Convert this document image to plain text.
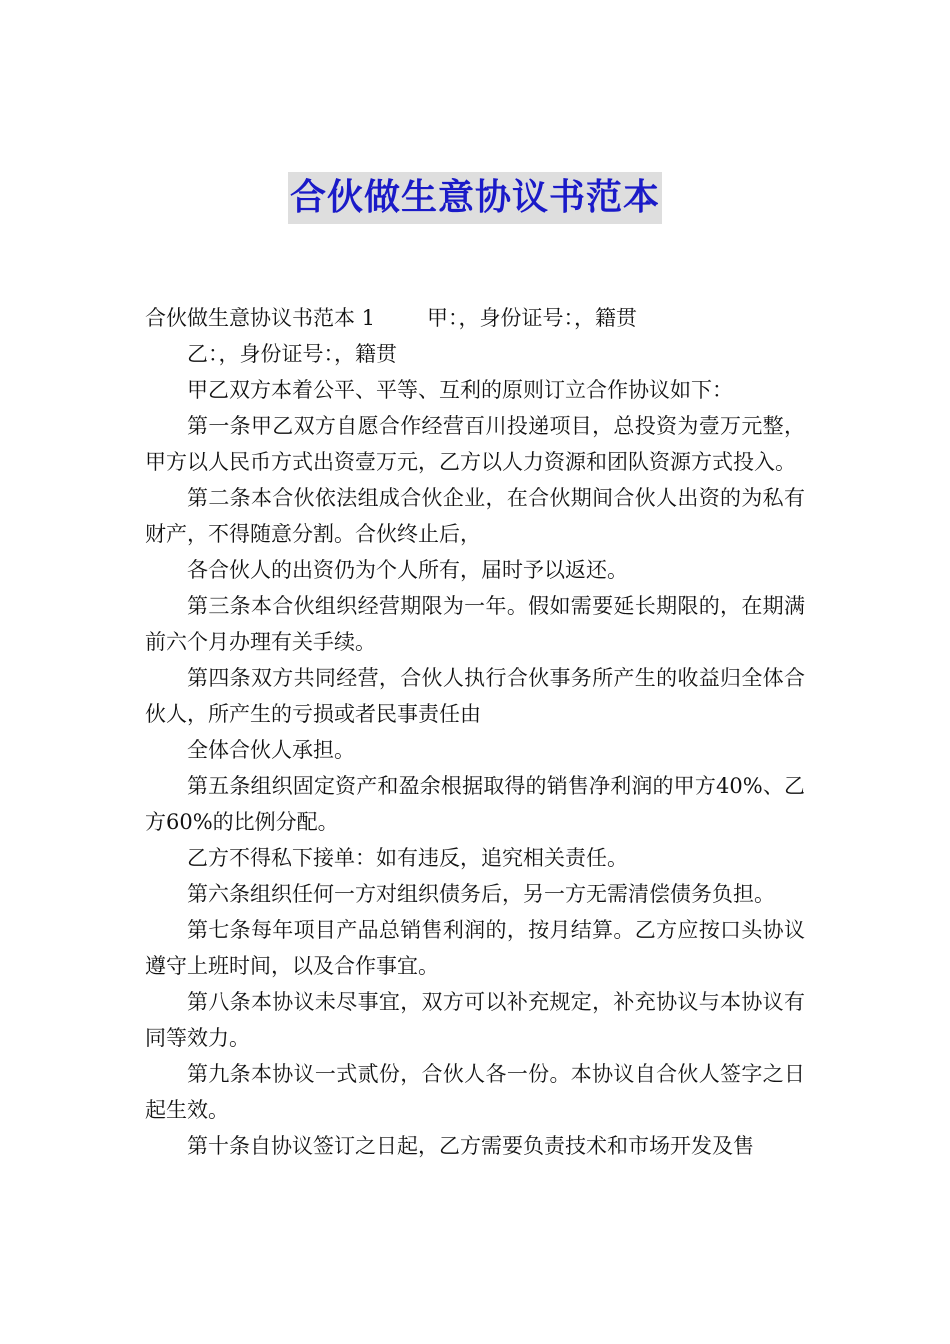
合伙做生意协议书范本

合伙做生意协议书范本 1 甲：，身份证号：，籍贯

乙：，身份证号：，籍贯

甲乙双方本着公平、平等、互利的原则订立合作协议如下：

第一条甲乙双方自愿合作经营百川投递项目，总投资为壹万元整，甲方以人民币方式出资壹万元，乙方以人力资源和团队资源方式投入。

第二条本合伙依法组成合伙企业，在合伙期间合伙人出资的为私有财产，不得随意分割。合伙终止后，

各合伙人的出资仍为个人所有，届时予以返还。

第三条本合伙组织经营期限为一年。假如需要延长期限的，在期满前六个月办理有关手续。

第四条双方共同经营，合伙人执行合伙事务所产生的收益归全体合伙人，所产生的亏损或者民事责任由

全体合伙人承担。

第五条组织固定资产和盈余根据取得的销售净利润的甲方40%、乙方60%的比例分配。

乙方不得私下接单：如有违反，追究相关责任。

第六条组织任何一方对组织债务后，另一方无需清偿债务负担。

第七条每年项目产品总销售利润的，按月结算。乙方应按口头协议遵守上班时间，以及合作事宜。

第八条本协议未尽事宜，双方可以补充规定，补充协议与本协议有同等效力。

第九条本协议一式贰份，合伙人各一份。本协议自合伙人签字之日起生效。

第十条自协议签订之日起，乙方需要负责技术和市场开发及售
